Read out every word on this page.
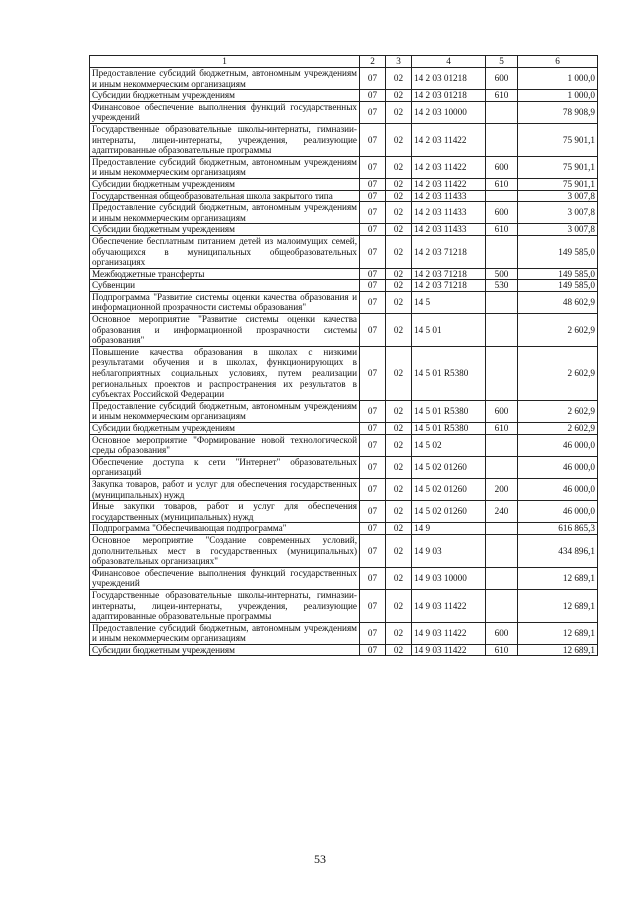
1	2	3	4	5	6
Предоставление субсидий бюджетным, автономным учреждениям и иным некоммерческим организациям	07	02	14 2 03 01218	600	1 000,0
Субсидии бюджетным учреждениям	07	02	14 2 03 01218	610	1 000,0
Финансовое обеспечение выполнения функций государственных учреждений	07	02	14 2 03 10000		78 908,9
Государственные образовательные школы-интернаты, гимназии-интернаты, лицеи-интернаты, учреждения, реализующие адаптированные образовательные программы	07	02	14 2 03 11422		75 901,1
Предоставление субсидий бюджетным, автономным учреждениям и иным некоммерческим организациям	07	02	14 2 03 11422	600	75 901,1
Субсидии бюджетным учреждениям	07	02	14 2 03 11422	610	75 901,1
Государственная общеобразовательная школа закрытого типа	07	02	14 2 03 11433		3 007,8
Предоставление субсидий бюджетным, автономным учреждениям и иным некоммерческим организациям	07	02	14 2 03 11433	600	3 007,8
Субсидии бюджетным учреждениям	07	02	14 2 03 11433	610	3 007,8
Обеспечение бесплатным питанием детей из малоимущих семей, обучающихся в муниципальных общеобразовательных организациях	07	02	14 2 03 71218		149 585,0
Межбюджетные трансферты	07	02	14 2 03 71218	500	149 585,0
Субвенции	07	02	14 2 03 71218	530	149 585,0
Подпрограмма "Развитие системы оценки качества образования и информационной прозрачности системы образования"	07	02	14 5		48 602,9
Основное мероприятие "Развитие системы оценки качества образования и информационной прозрачности системы образования"	07	02	14 5 01		2 602,9
Повышение качества образования в школах с низкими результатами обучения и в школах, функционирующих в неблагоприятных социальных условиях, путем реализации региональных проектов и распространения их результатов в субъектах Российской Федерации	07	02	14 5 01 R5380		2 602,9
Предоставление субсидий бюджетным, автономным учреждениям и иным некоммерческим организациям	07	02	14 5 01 R5380	600	2 602,9
Субсидии бюджетным учреждениям	07	02	14 5 01 R5380	610	2 602,9
Основное мероприятие "Формирование новой технологической среды образования"	07	02	14 5 02		46 000,0
Обеспечение доступа к сети "Интернет" образовательных организаций	07	02	14 5 02 01260		46 000,0
Закупка товаров, работ и услуг для обеспечения государственных (муниципальных) нужд	07	02	14 5 02 01260	200	46 000,0
Иные закупки товаров, работ и услуг для обеспечения государственных (муниципальных) нужд	07	02	14 5 02 01260	240	46 000,0
Подпрограмма "Обеспечивающая подпрограмма"	07	02	14 9		616 865,3
Основное мероприятие "Создание современных условий, дополнительных мест в государственных (муниципальных) образовательных организациях"	07	02	14 9 03		434 896,1
Финансовое обеспечение выполнения функций государственных учреждений	07	02	14 9 03 10000		12 689,1
Государственные образовательные школы-интернаты, гимназии-интернаты, лицеи-интернаты, учреждения, реализующие адаптированные образовательные программы	07	02	14 9 03 11422		12 689,1
Предоставление субсидий бюджетным, автономным учреждениям и иным некоммерческим организациям	07	02	14 9 03 11422	600	12 689,1
Субсидии бюджетным учреждениям	07	02	14 9 03 11422	610	12 689,1
53
